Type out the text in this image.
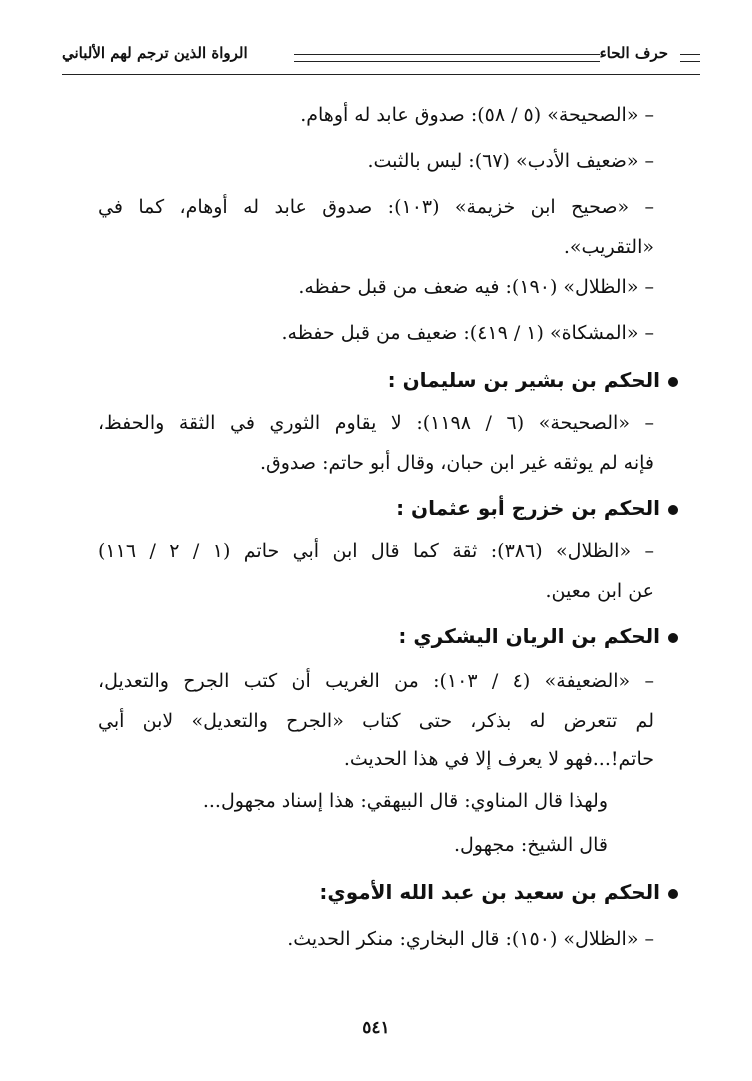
حرف الحاء
الرواة الذين ترجم لهم الألباني
– «الصحيحة» (٥ / ٥٨): صدوق عابد له أوهام.
– «ضعيف الأدب» (٦٧): ليس بالثبت.
– «صحيح ابن خزيمة» (١٠٣): صدوق عابد له أوهام، كما في
«التقريب».
– «الظلال» (١٩٠): فيه ضعف من قبل حفظه.
– «المشكاة» (١ / ٤١٩): ضعيف من قبل حفظه.
الحكم بن بشير بن سليمان :
– «الصحيحة» (٦ / ١١٩٨): لا يقاوم الثوري في الثقة والحفظ،
فإنه لم يوثقه غير ابن حبان، وقال أبو حاتم: صدوق.
الحكم بن خزرج أبو عثمان :
– «الظلال» (٣٨٦): ثقة كما قال ابن أبي حاتم (١ / ٢ / ١١٦)
عن ابن معين.
الحكم بن الريان اليشكري :
– «الضعيفة» (٤ / ١٠٣): من الغريب أن كتب الجرح والتعديل،
لم تتعرض له بذكر، حتى كتاب «الجرح والتعديل» لابن أبي
حاتم!...فهو لا يعرف إلا في هذا الحديث.
ولهذا قال المناوي: قال البيهقي: هذا إسناد مجهول...
قال الشيخ: مجهول.
الحكم بن سعيد بن عبد الله الأموي:
– «الظلال» (١٥٠): قال البخاري: منكر الحديث.
٥٤١
